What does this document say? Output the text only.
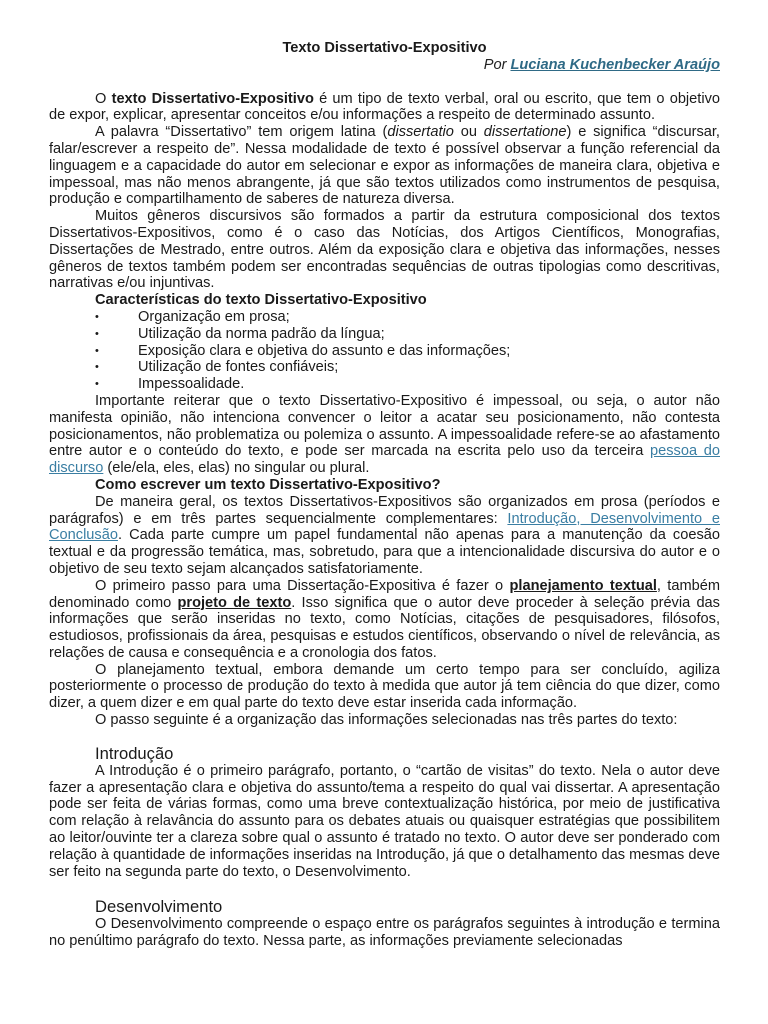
Texto Dissertativo-Expositivo
Por Luciana Kuchenbecker Araújo

O texto Dissertativo-Expositivo é um tipo de texto verbal, oral ou escrito, que tem o objetivo de expor, explicar, apresentar conceitos e/ou informações a respeito de determinado assunto.

A palavra “Dissertativo” tem origem latina (dissertatio ou dissertatione) e significa “discursar, falar/escrever a respeito de”. Nessa modalidade de texto é possível observar a função referencial da linguagem e a capacidade do autor em selecionar e expor as informações de maneira clara, objetiva e impessoal, mas não menos abrangente, já que são textos utilizados como instrumentos de pesquisa, produção e compartilhamento de saberes de natureza diversa.

Muitos gêneros discursivos são formados a partir da estrutura composicional dos textos Dissertativos-Expositivos, como é o caso das Notícias, dos Artigos Científicos, Monografias, Dissertações de Mestrado, entre outros. Além da exposição clara e objetiva das informações, nesses gêneros de textos também podem ser encontradas sequências de outras tipologias como descritivas, narrativas e/ou injuntivas.

Características do texto Dissertativo-Expositivo
• Organização em prosa;
• Utilização da norma padrão da língua;
• Exposição clara e objetiva do assunto e das informações;
• Utilização de fontes confiáveis;
• Impessoalidade.

Importante reiterar que o texto Dissertativo-Expositivo é impessoal, ou seja, o autor não manifesta opinião, não intenciona convencer o leitor a acatar seu posicionamento, não contesta posicionamentos, não problematiza ou polemiza o assunto. A impessoalidade refere-se ao afastamento entre autor e o conteúdo do texto, e pode ser marcada na escrita pelo uso da terceira pessoa do discurso (ele/ela, eles, elas) no singular ou plural.

Como escrever um texto Dissertativo-Expositivo?

De maneira geral, os textos Dissertativos-Expositivos são organizados em prosa (períodos e parágrafos) e em três partes sequencialmente complementares: Introdução, Desenvolvimento e Conclusão. Cada parte cumpre um papel fundamental não apenas para a manutenção da coesão textual e da progressão temática, mas, sobretudo, para que a intencionalidade discursiva do autor e o objetivo de seu texto sejam alcançados satisfatoriamente.

O primeiro passo para uma Dissertação-Expositiva é fazer o planejamento textual, também denominado como projeto de texto. Isso significa que o autor deve proceder à seleção prévia das informações que serão inseridas no texto, como Notícias, citações de pesquisadores, filósofos, estudiosos, profissionais da área, pesquisas e estudos científicos, observando o nível de relevância, as relações de causa e consequência e a cronologia dos fatos.

O planejamento textual, embora demande um certo tempo para ser concluído, agiliza posteriormente o processo de produção do texto à medida que autor já tem ciência do que dizer, como dizer, a quem dizer e em qual parte do texto deve estar inserida cada informação.

O passo seguinte é a organização das informações selecionadas nas três partes do texto:

Introdução

A Introdução é o primeiro parágrafo, portanto, o “cartão de visitas” do texto. Nela o autor deve fazer a apresentação clara e objetiva do assunto/tema a respeito do qual vai dissertar. A apresentação pode ser feita de várias formas, como uma breve contextualização histórica, por meio de justificativa com relação à relavância do assunto para os debates atuais ou quaisquer estratégias que possibilitem ao leitor/ouvinte ter a clareza sobre qual o assunto é tratado no texto. O autor deve ser ponderado com relação à quantidade de informações inseridas na Introdução, já que o detalhamento das mesmas deve ser feito na segunda parte do texto, o Desenvolvimento.

Desenvolvimento

O Desenvolvimento compreende o espaço entre os parágrafos seguintes à introdução e termina no penúltimo parágrafo do texto. Nessa parte, as informações previamente selecionadas
